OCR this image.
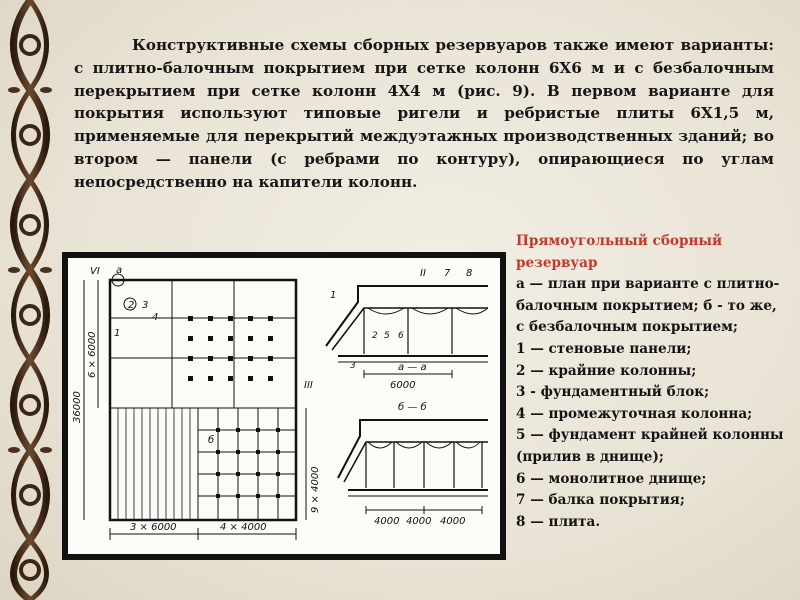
Конструктивные схемы сборных резервуаров также имеют варианты: с плитно-балочным покрытием при сетке колонн 6Х6 м и с безбалочным перекрытием при сетке колонн 4Х4 м (рис. 9). В первом варианте для покрытия используют типовые ригели и ребристые плиты 6Х1,5 м, применяемые для перекрытий междуэтажных производственных зданий; во втором — панели (с ребрами по контуру), опирающиеся по углам непосредственно на капители колонн.

36000
6 × 6000
9 × 4000
3 × 6000	4 × 4000
VI
III
а
б
2 3
4
1
II 7 8
1
2 5 6
3	а — а
6000
б — б
4000 4000 4000
Прямоугольный сборный резервуар
а — план при варианте с плитно-балочным покрытием; б - то же, с безбалочным покрытием;
1 — стеновые панели;
2 — крайние колонны;
3 - фундаментный блок;
4 — промежуточная колонна;
5 — фундамент крайней колонны (прилив в днище);
6 — монолитное днище;
7 — балка покрытия;
8 — плита.
